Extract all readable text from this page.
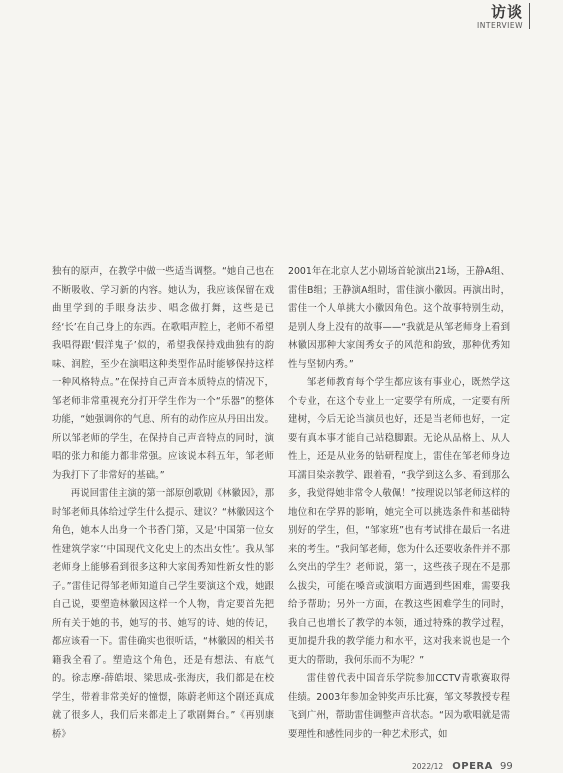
访谈
INTERVIEW

独有的原声，在教学中做一些适当调整。“她自己也在不断吸收、学习新的内容。她认为，我应该保留在戏曲里学到的手眼身法步、唱念做打舞，这些是已经‘长’在自己身上的东西。在歌唱声腔上，老师不希望我唱得跟‘假洋鬼子’似的，希望我保持戏曲独有的韵味、润腔，至少在演唱这种类型作品时能够保持这样一种风格特点。”在保持自己声音本质特点的情况下，邹老师非常重视充分打开学生作为一个“乐器”的整体功能，“她强调你的气息、所有的动作应从丹田出发。所以邹老师的学生，在保持自己声音特点的同时，演唱的张力和能力都非常强。应该说本科五年，邹老师为我打下了非常好的基础。”

再说回雷佳主演的第一部原创歌剧《林徽因》，那时邹老师具体给过学生什么提示、建议？“林徽因这个角色，她本人出身一个书香门第，又是‘中国第一位女性建筑学家’‘中国现代文化史上的杰出女性’。我从邹老师身上能够看到很多这种大家闺秀知性新女性的影子。”雷佳记得邹老师知道自己学生要演这个戏，她跟自己说，要塑造林徽因这样一个人物，肯定要首先把所有关于她的书，她写的书、她写的诗、她的传记，都应该看一下。雷佳确实也很听话，“林徽因的相关书籍我全看了。塑造这个角色，还是有想法、有底气的。徐志摩-薛皓垠、梁思成-张海庆，我们都是在校学生，带着非常美好的憧憬，陈蔚老师这个剧还真成就了很多人，我们后来都走上了歌剧舞台。”《再别康桥》

2001年在北京人艺小剧场首轮演出21场，王静A组、雷佳B组；王静演A组时，雷佳演小徽因。再演出时，雷佳一个人单挑大小徽因角色。这个故事特别生动，是别人身上没有的故事——“我就是从邹老师身上看到林徽因那种大家闺秀女子的风范和韵致，那种优秀知性与坚韧内秀。”

邹老师教育每个学生都应该有事业心，既然学这个专业，在这个专业上一定要学有所成，一定要有所建树，今后无论当演员也好，还是当老师也好，一定要有真本事才能自己站稳脚跟。无论从品格上、从人性上，还是从业务的钻研程度上，雷佳在邹老师身边耳濡目染亲教学、跟着看，“我学到这么多、看到那么多，我觉得她非常令人敬佩！”按理说以邹老师这样的地位和在学界的影响，她完全可以挑选条件和基础特别好的学生，但，“邹家班”也有考试排在最后一名进来的考生。“我问邹老师，您为什么还要收条件并不那么突出的学生？老师说，第一，这些孩子现在不是那么拔尖，可能在嗓音或演唱方面遇到些困难，需要我给予帮助；另外一方面，在教这些困难学生的同时，我自己也增长了教学的本领，通过特殊的教学过程，更加提升我的教学能力和水平，这对我来说也是一个更大的帮助，我何乐而不为呢？”

雷佳曾代表中国音乐学院参加CCTV青歌赛取得佳绩。2003年参加金钟奖声乐比赛，邹文琴教授专程飞到广州，帮助雷佳调整声音状态。“因为歌唱就是需要理性和感性同步的一种艺术形式，如

2022/12 OPERA 99
